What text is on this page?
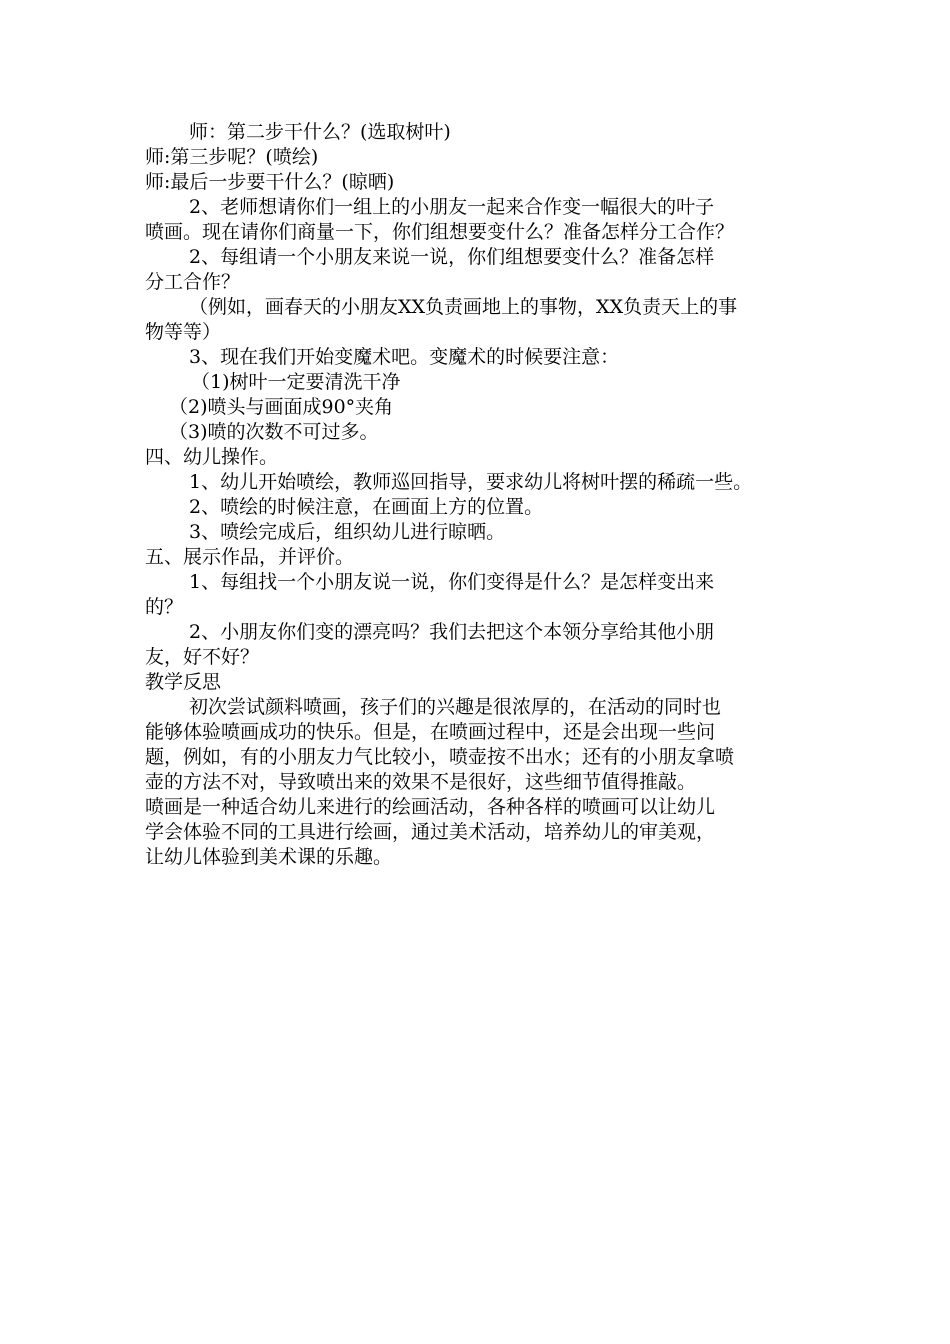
师：第二步干什么？(选取树叶)
师:第三步呢？(喷绘)
师:最后一步要干什么？(晾晒)
2、老师想请你们一组上的小朋友一起来合作变一幅很大的叶子
喷画。现在请你们商量一下，你们组想要变什么？准备怎样分工合作？
2、每组请一个小朋友来说一说，你们组想要变什么？准备怎样
分工合作？
（例如，画春天的小朋友XX负责画地上的事物，XX负责天上的事
物等等）
3、现在我们开始变魔术吧。变魔术的时候要注意：
（1)树叶一定要清洗干净
（2)喷头与画面成90°夹角
（3)喷的次数不可过多。
四、幼儿操作。
1、幼儿开始喷绘，教师巡回指导，要求幼儿将树叶摆的稀疏一些。
2、喷绘的时候注意，在画面上方的位置。
3、喷绘完成后，组织幼儿进行晾晒。
五、展示作品，并评价。
1、每组找一个小朋友说一说，你们变得是什么？是怎样变出来
的？
2、小朋友你们变的漂亮吗？我们去把这个本领分享给其他小朋
友，好不好？
教学反思
初次尝试颜料喷画，孩子们的兴趣是很浓厚的，在活动的同时也
能够体验喷画成功的快乐。但是，在喷画过程中，还是会出现一些问
题，例如，有的小朋友力气比较小，喷壶按不出水；还有的小朋友拿喷
壶的方法不对，导致喷出来的效果不是很好，这些细节值得推敲。
喷画是一种适合幼儿来进行的绘画活动，各种各样的喷画可以让幼儿
学会体验不同的工具进行绘画，通过美术活动，培养幼儿的审美观，
让幼儿体验到美术课的乐趣。
